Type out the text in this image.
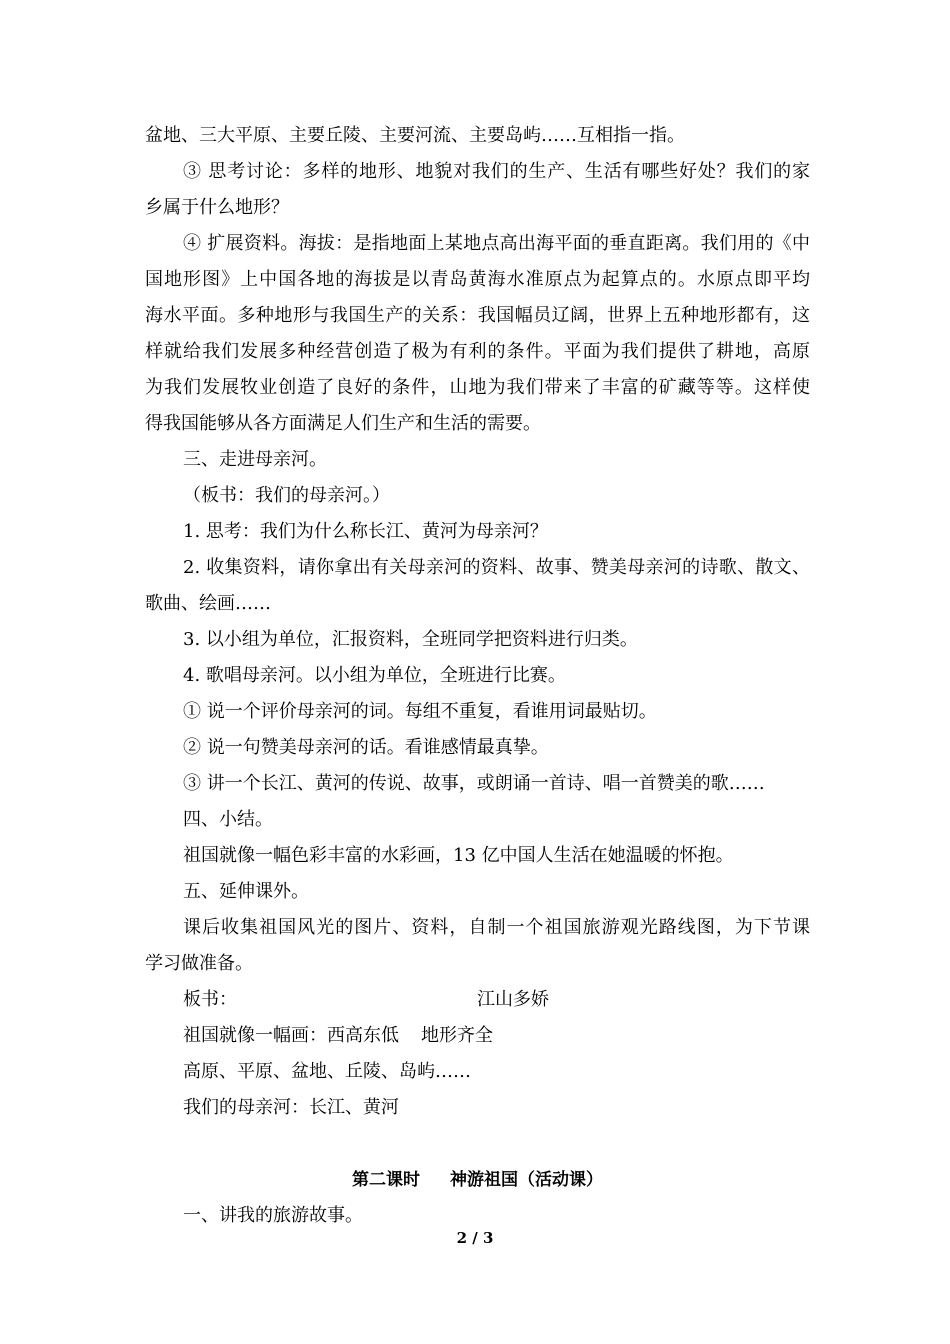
盆地、三大平原、主要丘陵、主要河流、主要岛屿……互相指一指。
③ 思考讨论：多样的地形、地貌对我们的生产、生活有哪些好处？我们的家
乡属于什么地形？
④ 扩展资料。海拔：是指地面上某地点高出海平面的垂直距离。我们用的《中
国地形图》上中国各地的海拔是以青岛黄海水准原点为起算点的。水原点即平均
海水平面。多种地形与我国生产的关系：我国幅员辽阔，世界上五种地形都有，这
样就给我们发展多种经营创造了极为有利的条件。平面为我们提供了耕地，高原
为我们发展牧业创造了良好的条件，山地为我们带来了丰富的矿藏等等。这样使
得我国能够从各方面满足人们生产和生活的需要。
三、走进母亲河。
（板书：我们的母亲河。）
1. 思考：我们为什么称长江、黄河为母亲河？
2. 收集资料，请你拿出有关母亲河的资料、故事、赞美母亲河的诗歌、散文、
歌曲、绘画……
3. 以小组为单位，汇报资料，全班同学把资料进行归类。
4. 歌唱母亲河。以小组为单位，全班进行比赛。
① 说一个评价母亲河的词。每组不重复，看谁用词最贴切。
② 说一句赞美母亲河的话。看谁感情最真挚。
③ 讲一个长江、黄河的传说、故事，或朗诵一首诗、唱一首赞美的歌……
四、小结。
祖国就像一幅色彩丰富的水彩画，13 亿中国人生活在她温暖的怀抱。
五、延伸课外。
课后收集祖国风光的图片、资料，自制一个祖国旅游观光路线图，为下节课
学习做准备。
板书：	江山多娇
祖国就像一幅画：西高东低 地形齐全
高原、平原、盆地、丘陵、岛屿……
我们的母亲河：长江、黄河
第二课时 神游祖国（活动课）
一、讲我的旅游故事。
2 / 3
